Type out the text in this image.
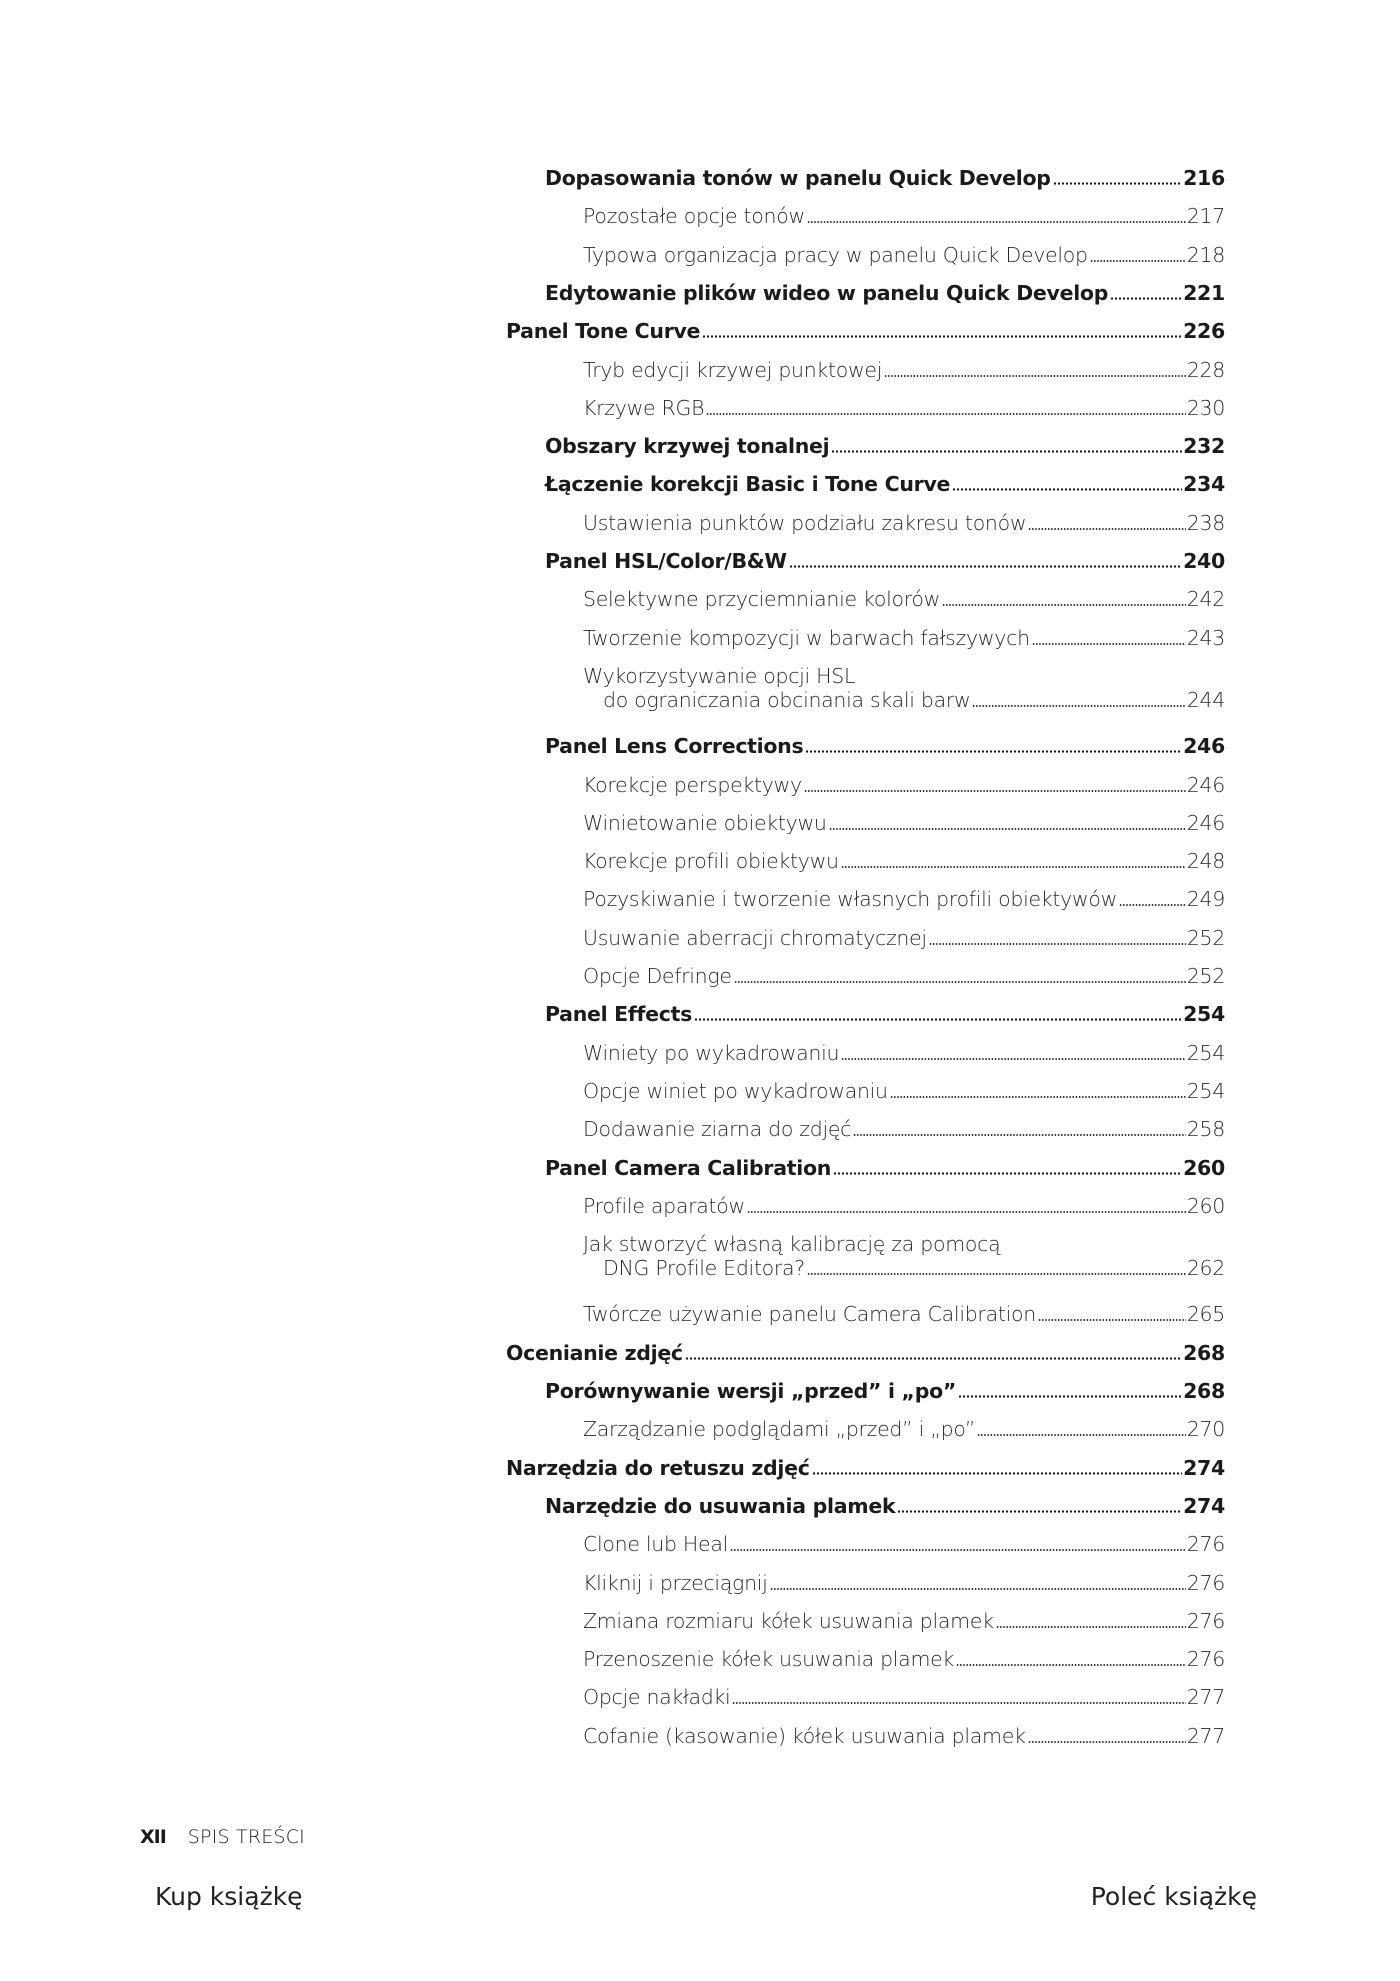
Dopasowania tonów w panelu Quick Develop	216
Pozostałe opcje tonów	217
Typowa organizacja pracy w panelu Quick Develop	218
Edytowanie plików wideo w panelu Quick Develop	221
Panel Tone Curve	226
Tryb edycji krzywej punktowej	228
Krzywe RGB	230
Obszary krzywej tonalnej	232
Łączenie korekcji Basic i Tone Curve	234
Ustawienia punktów podziału zakresu tonów	238
Panel HSL/Color/B&W	240
Selektywne przyciemnianie kolorów	242
Tworzenie kompozycji w barwach fałszywych	243
Wykorzystywanie opcji HSL
do ograniczania obcinania skali barw	244
Panel Lens Corrections	246
Korekcje perspektywy	246
Winietowanie obiektywu	246
Korekcje profili obiektywu	248
Pozyskiwanie i tworzenie własnych profili obiektywów	249
Usuwanie aberracji chromatycznej	252
Opcje Defringe	252
Panel Effects	254
Winiety po wykadrowaniu	254
Opcje winiet po wykadrowaniu	254
Dodawanie ziarna do zdjęć	258
Panel Camera Calibration	260
Profile aparatów	260
Jak stworzyć własną kalibrację za pomocą
DNG Profile Editora?	262
Twórcze używanie panelu Camera Calibration	265
Ocenianie zdjęć	268
Porównywanie wersji „przed” i „po”	268
Zarządzanie podglądami „przed” i „po”	270
Narzędzia do retuszu zdjęć	274
Narzędzie do usuwania plamek	274
Clone lub Heal	276
Kliknij i przeciągnij	276
Zmiana rozmiaru kółek usuwania plamek	276
Przenoszenie kółek usuwania plamek	276
Opcje nakładki	277
Cofanie (kasowanie) kółek usuwania plamek	277
XII SPIS TREŚCI
Kup książkę	Poleć książkę
